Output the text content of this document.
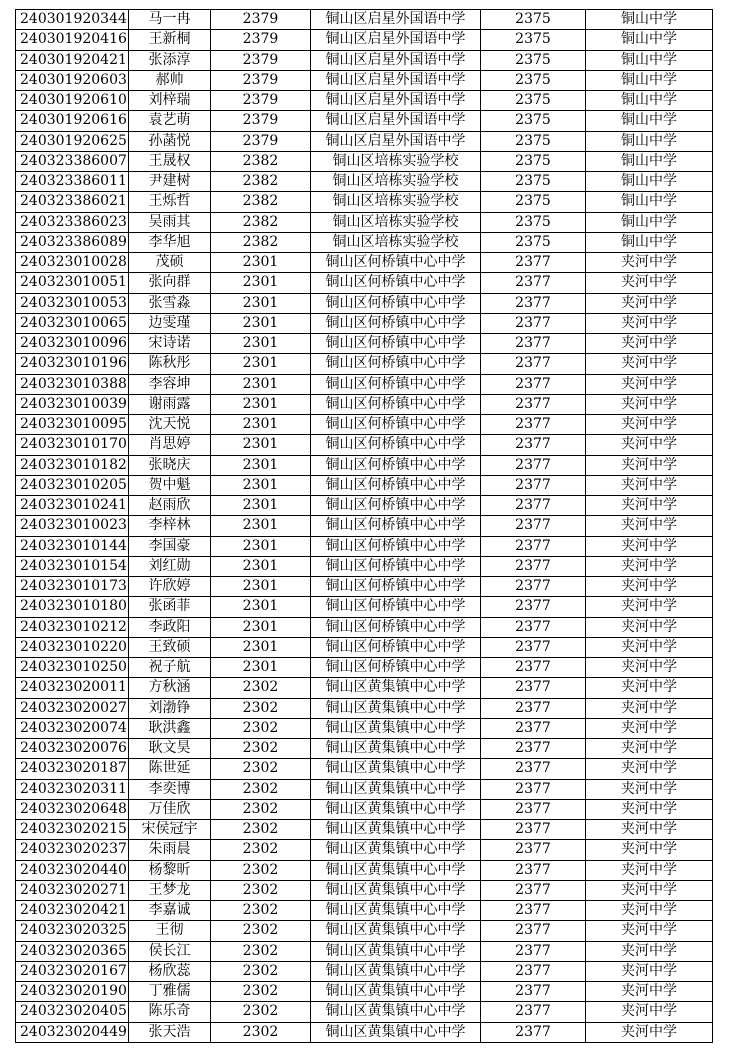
240301920344	马一冉	2379	铜山区启星外国语中学	2375	铜山中学
240301920416	王新桐	2379	铜山区启星外国语中学	2375	铜山中学
240301920421	张添淳	2379	铜山区启星外国语中学	2375	铜山中学
240301920603	郝帅	2379	铜山区启星外国语中学	2375	铜山中学
240301920610	刘梓瑞	2379	铜山区启星外国语中学	2375	铜山中学
240301920616	袁艺萌	2379	铜山区启星外国语中学	2375	铜山中学
240301920625	孙菡悦	2379	铜山区启星外国语中学	2375	铜山中学
240323386007	王晟权	2382	铜山区培栋实验学校	2375	铜山中学
240323386011	尹建树	2382	铜山区培栋实验学校	2375	铜山中学
240323386021	王烁哲	2382	铜山区培栋实验学校	2375	铜山中学
240323386023	吴雨其	2382	铜山区培栋实验学校	2375	铜山中学
240323386089	李华旭	2382	铜山区培栋实验学校	2375	铜山中学
240323010028	茂硕	2301	铜山区何桥镇中心中学	2377	夹河中学
240323010051	张向群	2301	铜山区何桥镇中心中学	2377	夹河中学
240323010053	张雪淼	2301	铜山区何桥镇中心中学	2377	夹河中学
240323010065	边雯瑾	2301	铜山区何桥镇中心中学	2377	夹河中学
240323010096	宋诗诺	2301	铜山区何桥镇中心中学	2377	夹河中学
240323010196	陈秋彤	2301	铜山区何桥镇中心中学	2377	夹河中学
240323010388	李容坤	2301	铜山区何桥镇中心中学	2377	夹河中学
240323010039	谢雨露	2301	铜山区何桥镇中心中学	2377	夹河中学
240323010095	沈天悦	2301	铜山区何桥镇中心中学	2377	夹河中学
240323010170	肖思婷	2301	铜山区何桥镇中心中学	2377	夹河中学
240323010182	张晓庆	2301	铜山区何桥镇中心中学	2377	夹河中学
240323010205	贺中魁	2301	铜山区何桥镇中心中学	2377	夹河中学
240323010241	赵雨欣	2301	铜山区何桥镇中心中学	2377	夹河中学
240323010023	李梓林	2301	铜山区何桥镇中心中学	2377	夹河中学
240323010144	李国豪	2301	铜山区何桥镇中心中学	2377	夹河中学
240323010154	刘红勋	2301	铜山区何桥镇中心中学	2377	夹河中学
240323010173	许欣婷	2301	铜山区何桥镇中心中学	2377	夹河中学
240323010180	张函菲	2301	铜山区何桥镇中心中学	2377	夹河中学
240323010212	李政阳	2301	铜山区何桥镇中心中学	2377	夹河中学
240323010220	王致硕	2301	铜山区何桥镇中心中学	2377	夹河中学
240323010250	祝子航	2301	铜山区何桥镇中心中学	2377	夹河中学
240323020011	方秋涵	2302	铜山区黄集镇中心中学	2377	夹河中学
240323020027	刘渤铮	2302	铜山区黄集镇中心中学	2377	夹河中学
240323020074	耿洪鑫	2302	铜山区黄集镇中心中学	2377	夹河中学
240323020076	耿文昊	2302	铜山区黄集镇中心中学	2377	夹河中学
240323020187	陈世延	2302	铜山区黄集镇中心中学	2377	夹河中学
240323020311	李奕博	2302	铜山区黄集镇中心中学	2377	夹河中学
240323020648	万佳欣	2302	铜山区黄集镇中心中学	2377	夹河中学
240323020215	宋侯冠宇	2302	铜山区黄集镇中心中学	2377	夹河中学
240323020237	朱雨晨	2302	铜山区黄集镇中心中学	2377	夹河中学
240323020440	杨黎昕	2302	铜山区黄集镇中心中学	2377	夹河中学
240323020271	王梦龙	2302	铜山区黄集镇中心中学	2377	夹河中学
240323020421	李嘉诚	2302	铜山区黄集镇中心中学	2377	夹河中学
240323020325	王彻	2302	铜山区黄集镇中心中学	2377	夹河中学
240323020365	侯长江	2302	铜山区黄集镇中心中学	2377	夹河中学
240323020167	杨欣蕊	2302	铜山区黄集镇中心中学	2377	夹河中学
240323020190	丁雅儒	2302	铜山区黄集镇中心中学	2377	夹河中学
240323020405	陈乐奇	2302	铜山区黄集镇中心中学	2377	夹河中学
240323020449	张天浩	2302	铜山区黄集镇中心中学	2377	夹河中学
